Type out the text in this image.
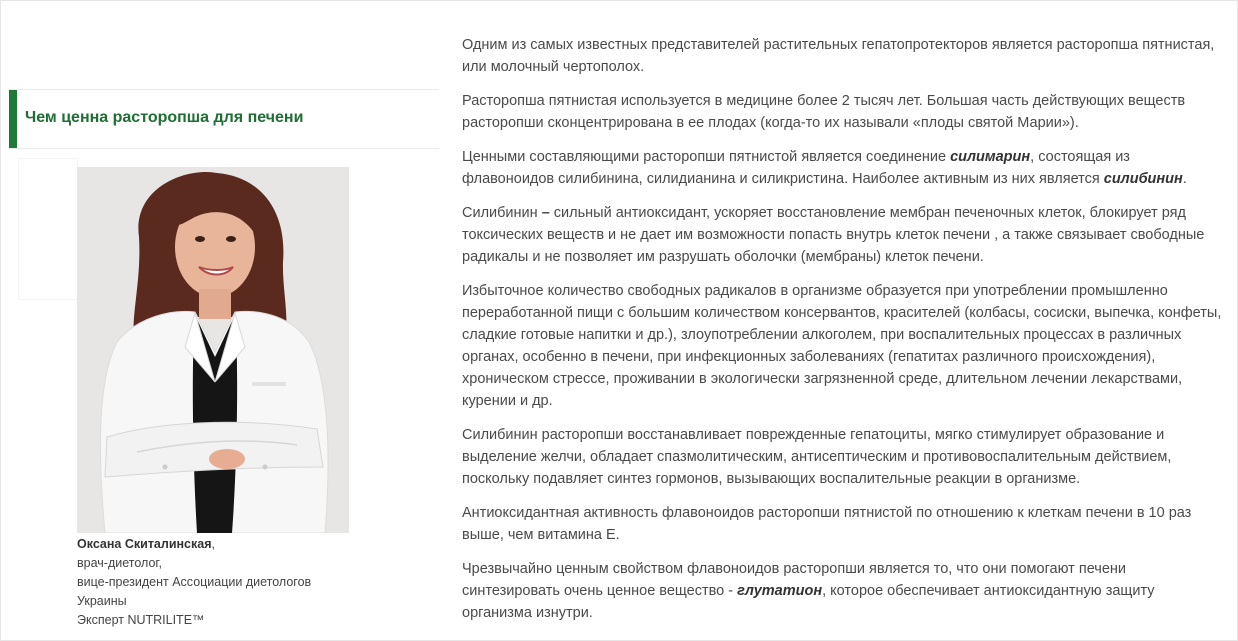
Чем ценна расторопша для печени
Оксана Скиталинская,
врач-диетолог,
вице-президент Ассоциации диетологов
Украины
Эксперт NUTRILITE™

Одним из самых известных представителей растительных гепатопротекторов является расторопша пятнистая, или молочный чертополох.

Расторопша пятнистая используется в медицине более 2 тысяч лет. Большая часть действующих веществ расторопши сконцентрирована в ее плодах (когда-то их называли «плоды святой Марии»).

Ценными составляющими расторопши пятнистой является соединение силимарин, состоящая из флавоноидов силибинина, силидианина и силикристина. Наиболее активным из них является силибинин.

Силибинин – сильный антиоксидант, ускоряет восстановление мембран печеночных клеток, блокирует ряд токсических веществ и не дает им возможности попасть внутрь клеток печени , а также связывает свободные радикалы и не позволяет им разрушать оболочки (мембраны) клеток печени.

Избыточное количество свободных радикалов в организме образуется при употреблении промышленно переработанной пищи с большим количеством консервантов, красителей (колбасы, сосиски, выпечка, конфеты, сладкие готовые напитки и др.), злоупотреблении алкоголем, при воспалительных процессах в различных органах, особенно в печени, при инфекционных заболеваниях (гепатитах различного происхождения), хроническом стрессе, проживании в экологически загрязненной среде, длительном лечении лекарствами, курении и др.

Силибинин расторопши восстанавливает поврежденные гепатоциты, мягко стимулирует образование и выделение желчи, обладает спазмолитическим, антисептическим и противовоспалительным действием, поскольку подавляет синтез гормонов, вызывающих воспалительные реакции в организме.

Антиоксидантная активность флавоноидов расторопши пятнистой по отношению к клеткам печени в 10 раз выше, чем витамина Е.

Чрезвычайно ценным свойством флавоноидов расторопши является то, что они помогают печени синтезировать очень ценное вещество - глутатион, которое обеспечивает антиоксидантную защиту организма изнутри.
